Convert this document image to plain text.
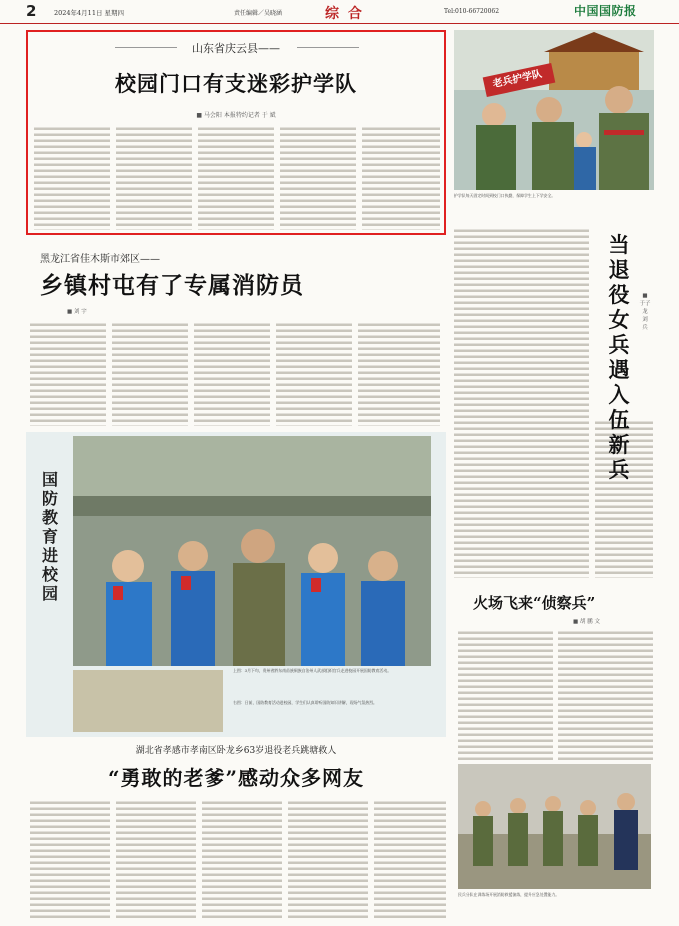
2	2024年4月11日 星期四	责任编辑／吴晓涵	综 合	Tel:010-66720062	中国国防报
山东省庆云县——
校园门口有支迷彩护学队
■ 马会阳 本报特约记者 于 斌
老兵护学队
护学队每天固定时间到校门口执勤，保障学生上下学安全。
当退役女兵遇入伍新兵
■ 于子龙 刘 兵
黑龙江省佳木斯市郊区——
乡镇村屯有了专属消防员
■ 刘 宇
国防教育进校园
上图：3月下旬，贵州省黔东南苗族侗族自治州人武部组织官兵走进校园开展国防教育活动。
右图：日前，国防教育活动进校园，学生们认真聆听国防知识讲解，现场气氛热烈。
火场飞来“侦察兵”
■ 胡 鹏 文
湖北省孝感市孝南区卧龙乡63岁退役老兵跳塘救人
“勇敢的老爹”感动众多网友
民兵分队在训练场开展消防救援演练，提升应急处置能力。
